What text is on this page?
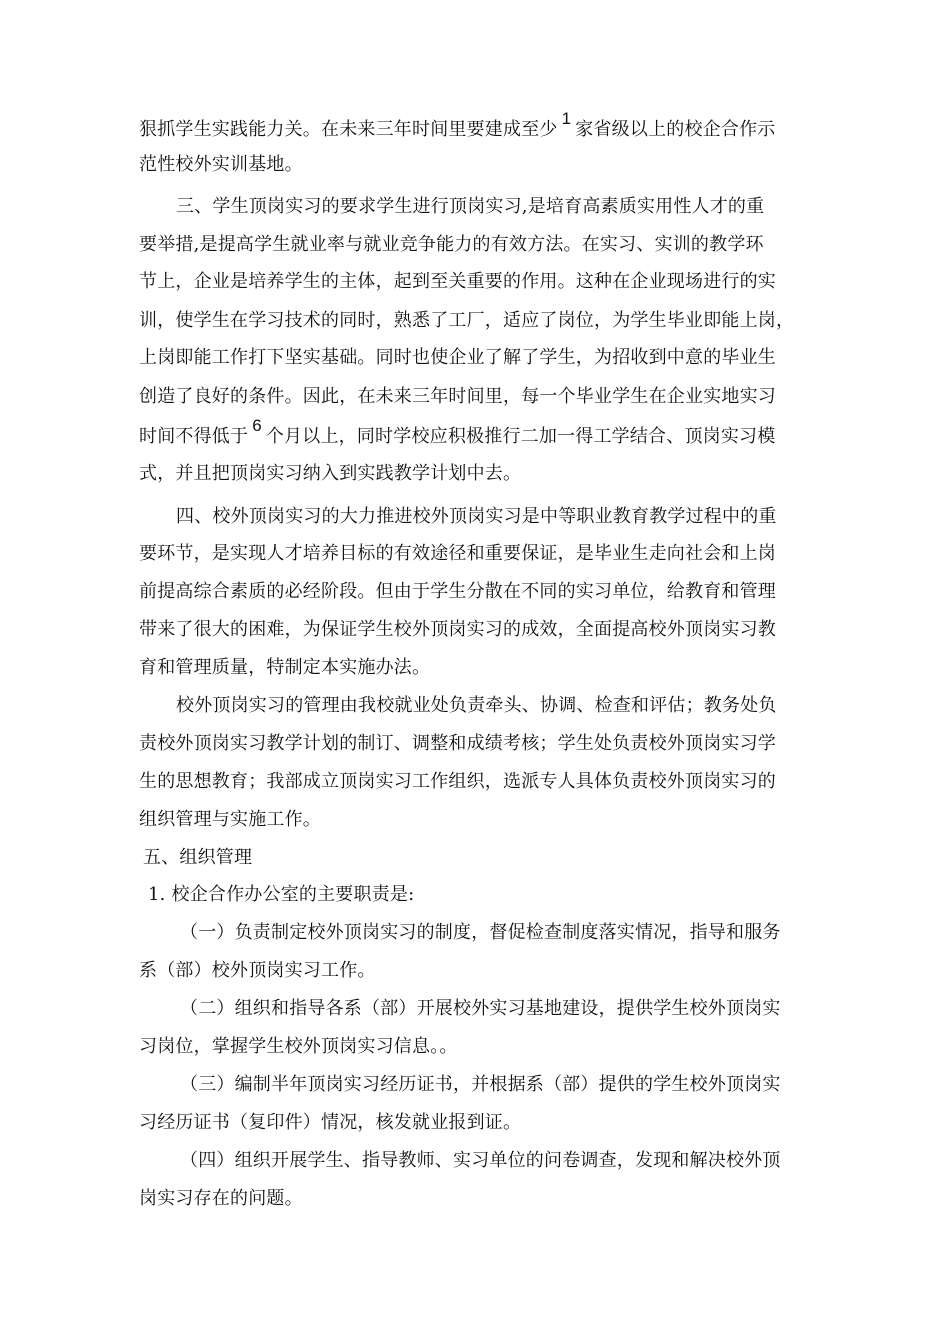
狠抓学生实践能力关。在未来三年时间里要建成至少1家省级以上的校企合作示
范性校外实训基地。
三、学生顶岗实习的要求学生进行顶岗实习,是培育高素质实用性人才的重
要举措,是提高学生就业率与就业竞争能力的有效方法。在实习、实训的教学环
节上，企业是培养学生的主体，起到至关重要的作用。这种在企业现场进行的实
训，使学生在学习技术的同时，熟悉了工厂，适应了岗位，为学生毕业即能上岗，
上岗即能工作打下坚实基础。同时也使企业了解了学生，为招收到中意的毕业生
创造了良好的条件。因此，在未来三年时间里，每一个毕业学生在企业实地实习
时间不得低于6个月以上，同时学校应积极推行二加一得工学结合、顶岗实习模
式，并且把顶岗实习纳入到实践教学计划中去。
四、校外顶岗实习的大力推进校外顶岗实习是中等职业教育教学过程中的重
要环节，是实现人才培养目标的有效途径和重要保证，是毕业生走向社会和上岗
前提高综合素质的必经阶段。但由于学生分散在不同的实习单位，给教育和管理
带来了很大的困难，为保证学生校外顶岗实习的成效，全面提高校外顶岗实习教
育和管理质量，特制定本实施办法。
校外顶岗实习的管理由我校就业处负责牵头、协调、检查和评估；教务处负
责校外顶岗实习教学计划的制订、调整和成绩考核；学生处负责校外顶岗实习学
生的思想教育；我部成立顶岗实习工作组织，选派专人具体负责校外顶岗实习的
组织管理与实施工作。
五、组织管理
1. 校企合作办公室的主要职责是:
（一）负责制定校外顶岗实习的制度，督促检查制度落实情况，指导和服务
系（部）校外顶岗实习工作。
（二）组织和指导各系（部）开展校外实习基地建设，提供学生校外顶岗实
习岗位，掌握学生校外顶岗实习信息。。
（三）编制半年顶岗实习经历证书，并根据系（部）提供的学生校外顶岗实
习经历证书（复印件）情况，核发就业报到证。
（四）组织开展学生、指导教师、实习单位的问卷调查，发现和解决校外顶
岗实习存在的问题。
